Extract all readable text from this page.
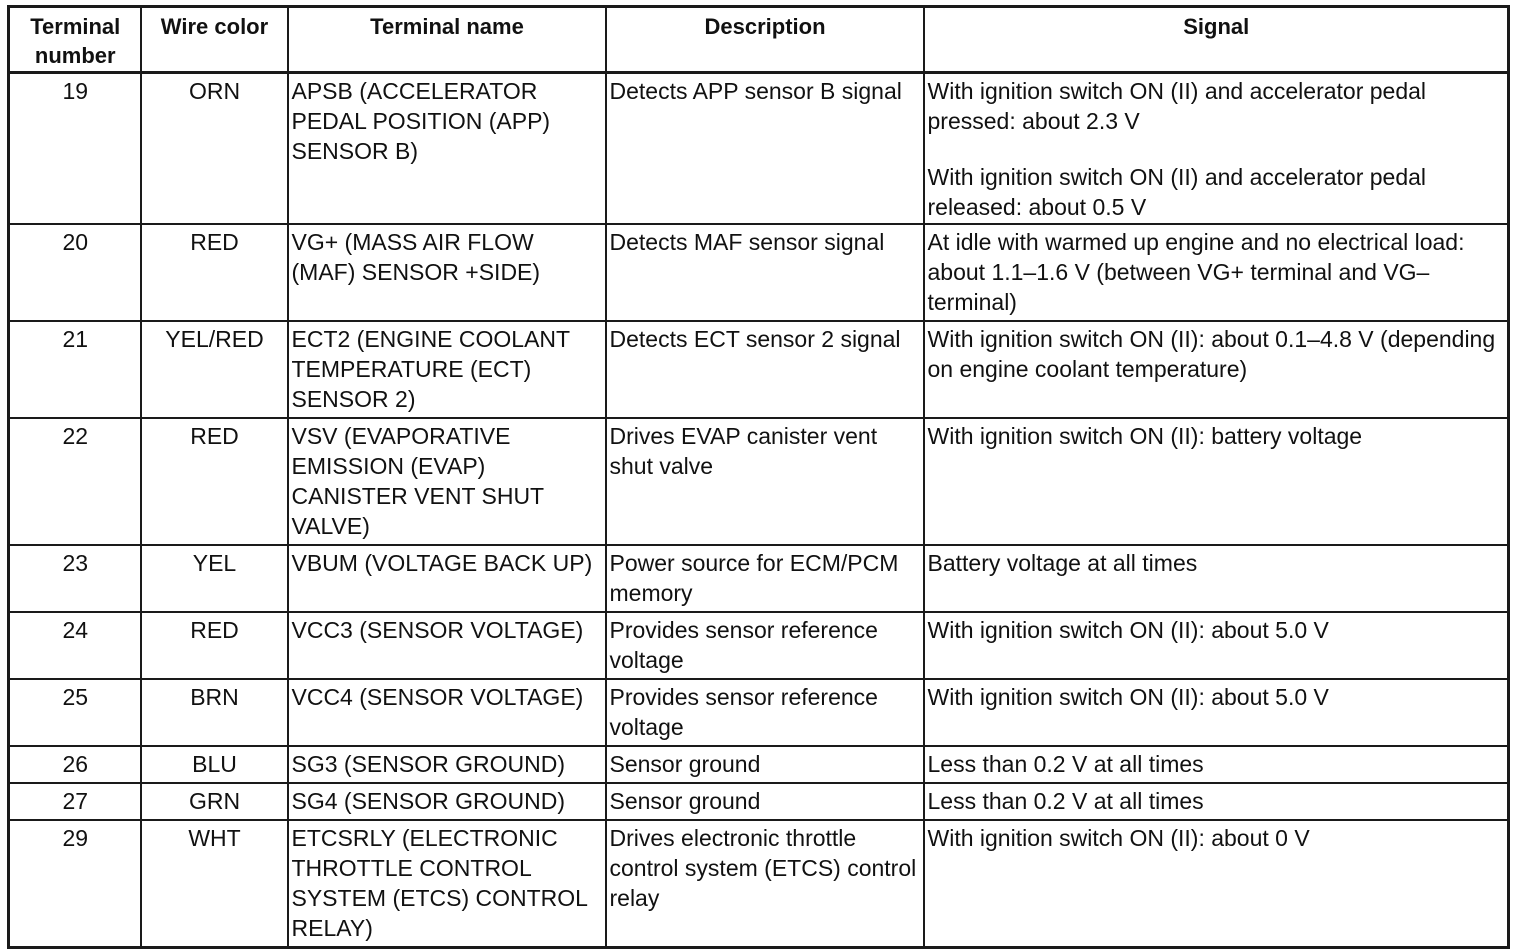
Terminal number	Wire color	Terminal name	Description	Signal
19	ORN	APSB (ACCELERATOR PEDAL POSITION (APP) SENSOR B)	Detects APP sensor B signal	With ignition switch ON (II) and accelerator pedal pressed: about 2.3 V
With ignition switch ON (II) and accelerator pedal released: about 0.5 V

20	RED	VG+ (MASS AIR FLOW (MAF) SENSOR +SIDE)	Detects MAF sensor signal	At idle with warmed up engine and no electrical load: about 1.1–1.6 V (between VG+ terminal and VG– terminal)

21	YEL/RED	ECT2 (ENGINE COOLANT TEMPERATURE (ECT) SENSOR 2)	Detects ECT sensor 2 signal	With ignition switch ON (II): about 0.1–4.8 V (depending on engine coolant temperature)

22	RED	VSV (EVAPORATIVE EMISSION (EVAP) CANISTER VENT SHUT VALVE)	Drives EVAP canister vent shut valve	With ignition switch ON (II): battery voltage

23	YEL	VBUM (VOLTAGE BACK UP)	Power source for ECM/PCM memory	Battery voltage at all times

24	RED	VCC3 (SENSOR VOLTAGE)	Provides sensor reference voltage	With ignition switch ON (II): about 5.0 V

25	BRN	VCC4 (SENSOR VOLTAGE)	Provides sensor reference voltage	With ignition switch ON (II): about 5.0 V

26	BLU	SG3 (SENSOR GROUND)	Sensor ground	Less than 0.2 V at all times

27	GRN	SG4 (SENSOR GROUND)	Sensor ground	Less than 0.2 V at all times

29	WHT	ETCSRLY (ELECTRONIC THROTTLE CONTROL SYSTEM (ETCS) CONTROL RELAY)	Drives electronic throttle control system (ETCS) control relay	With ignition switch ON (II): about 0 V
